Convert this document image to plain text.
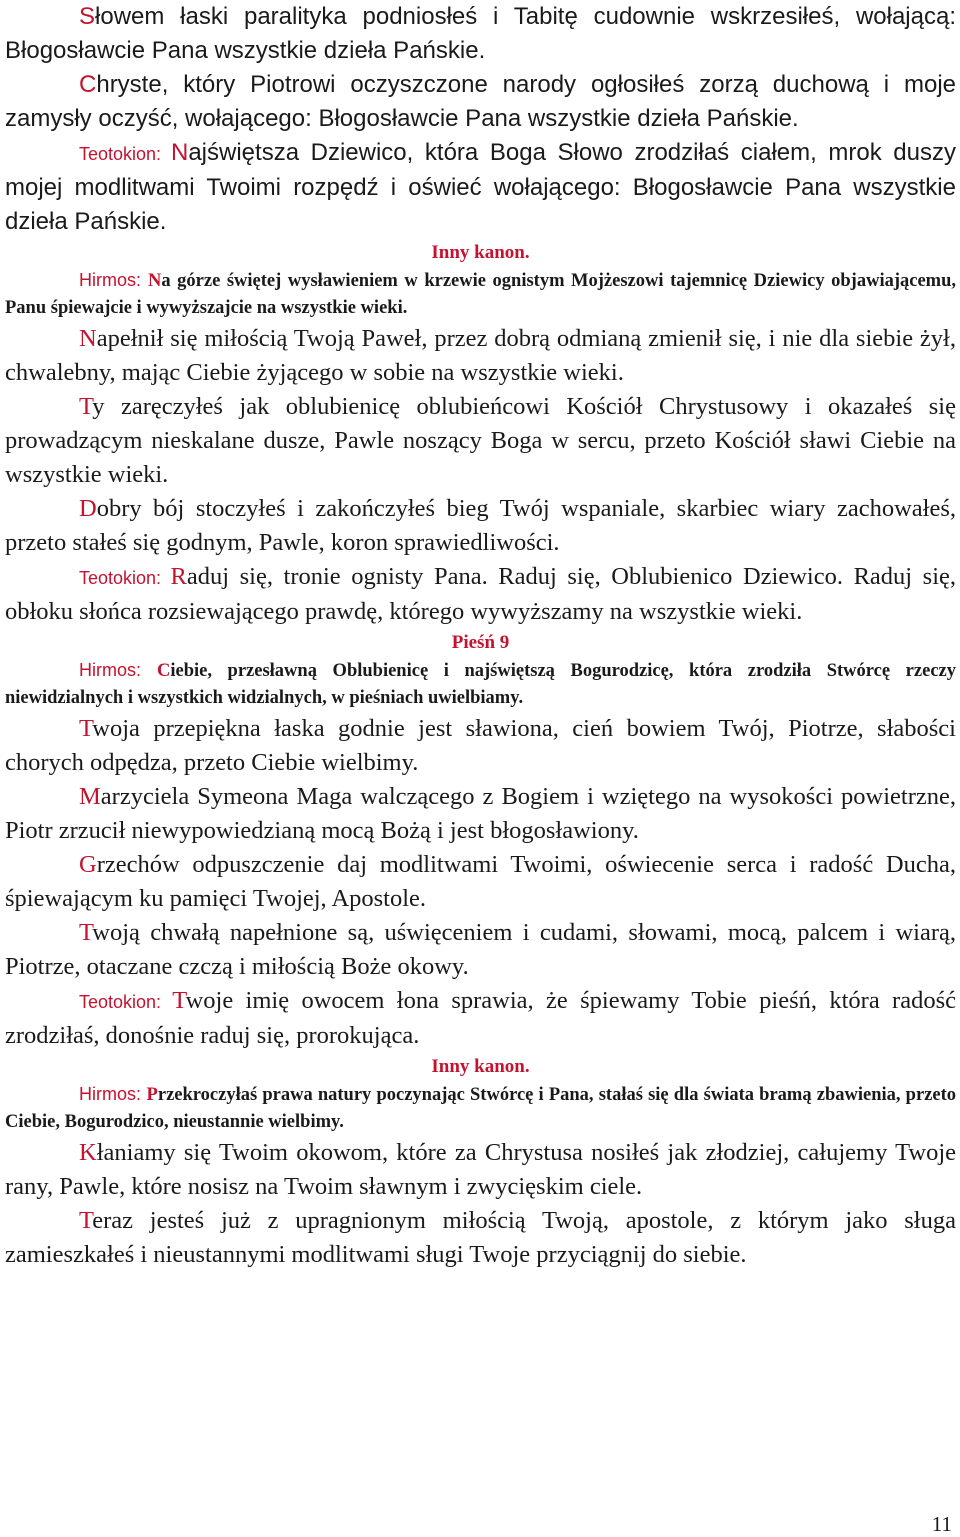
Słowem łaski paralityka podniosłeś i Tabitę cudownie wskrzesiłeś, wołającą: Błogosławcie Pana wszystkie dzieła Pańskie.

Chryste, który Piotrowi oczyszczone narody ogłosiłeś zorzą duchową i moje zamysły oczyść, wołającego: Błogosławcie Pana wszystkie dzieła Pańskie.

Teotokion: Najświętsza Dziewico, która Boga Słowo zrodziłaś ciałem, mrok duszy mojej modlitwami Twoimi rozpędź i oświeć wołającego: Błogosławcie Pana wszystkie dzieła Pańskie.

Inny kanon.

Hirmos: Na górze świętej wysławieniem w krzewie ognistym Mojżeszowi tajemnicę Dziewicy objawiającemu, Panu śpiewajcie i wywyższajcie na wszystkie wieki.

Napełnił się miłością Twoją Paweł, przez dobrą odmianą zmienił się, i nie dla siebie żył, chwalebny, mając Ciebie żyjącego w sobie na wszystkie wieki.

Ty zaręczyłeś jak oblubienicę oblubieńcowi Kościół Chrystusowy i okazałeś się prowadzącym nieskalane dusze, Pawle noszący Boga w sercu, przeto Kościół sławi Ciebie na wszystkie wieki.

Dobry bój stoczyłeś i zakończyłeś bieg Twój wspaniale, skarbiec wiary zachowałeś, przeto stałeś się godnym, Pawle, koron sprawiedliwości.

Teotokion: Raduj się, tronie ognisty Pana. Raduj się, Oblubienico Dziewico. Raduj się, obłoku słońca rozsiewającego prawdę, którego wywyższamy na wszystkie wieki.

Pieśń 9

Hirmos: Ciebie, przesławną Oblubienicę i najświętszą Bogurodzicę, która zrodziła Stwórcę rzeczy niewidzialnych i wszystkich widzialnych, w pieśniach uwielbiamy.

Twoja przepiękna łaska godnie jest sławiona, cień bowiem Twój, Piotrze, słabości chorych odpędza, przeto Ciebie wielbimy.

Marzyciela Symeona Maga walczącego z Bogiem i wziętego na wysokości powietrzne, Piotr zrzucił niewypowiedzianą mocą Bożą i jest błogosławiony.

Grzechów odpuszczenie daj modlitwami Twoimi, oświecenie serca i radość Ducha, śpiewającym ku pamięci Twojej, Apostole.

Twoją chwałą napełnione są, uświęceniem i cudami, słowami, mocą, palcem i wiarą, Piotrze, otaczane czczą i miłością Boże okowy.

Teotokion: Twoje imię owocem łona sprawia, że śpiewamy Tobie pieśń, która radość zrodziłaś, donośnie raduj się, prorokująca.

Inny kanon.

Hirmos: Przekroczyłaś prawa natury poczynając Stwórcę i Pana, stałaś się dla świata bramą zbawienia, przeto Ciebie, Bogurodzico, nieustannie wielbimy.

Kłaniamy się Twoim okowom, które za Chrystusa nosiłeś jak złodziej, całujemy Twoje rany, Pawle, które nosisz na Twoim sławnym i zwycięskim ciele.

Teraz jesteś już z upragnionym miłością Twoją, apostole, z którym jako sługa zamieszkałeś i nieustannymi modlitwami sługi Twoje przyciągnij do siebie.

11
